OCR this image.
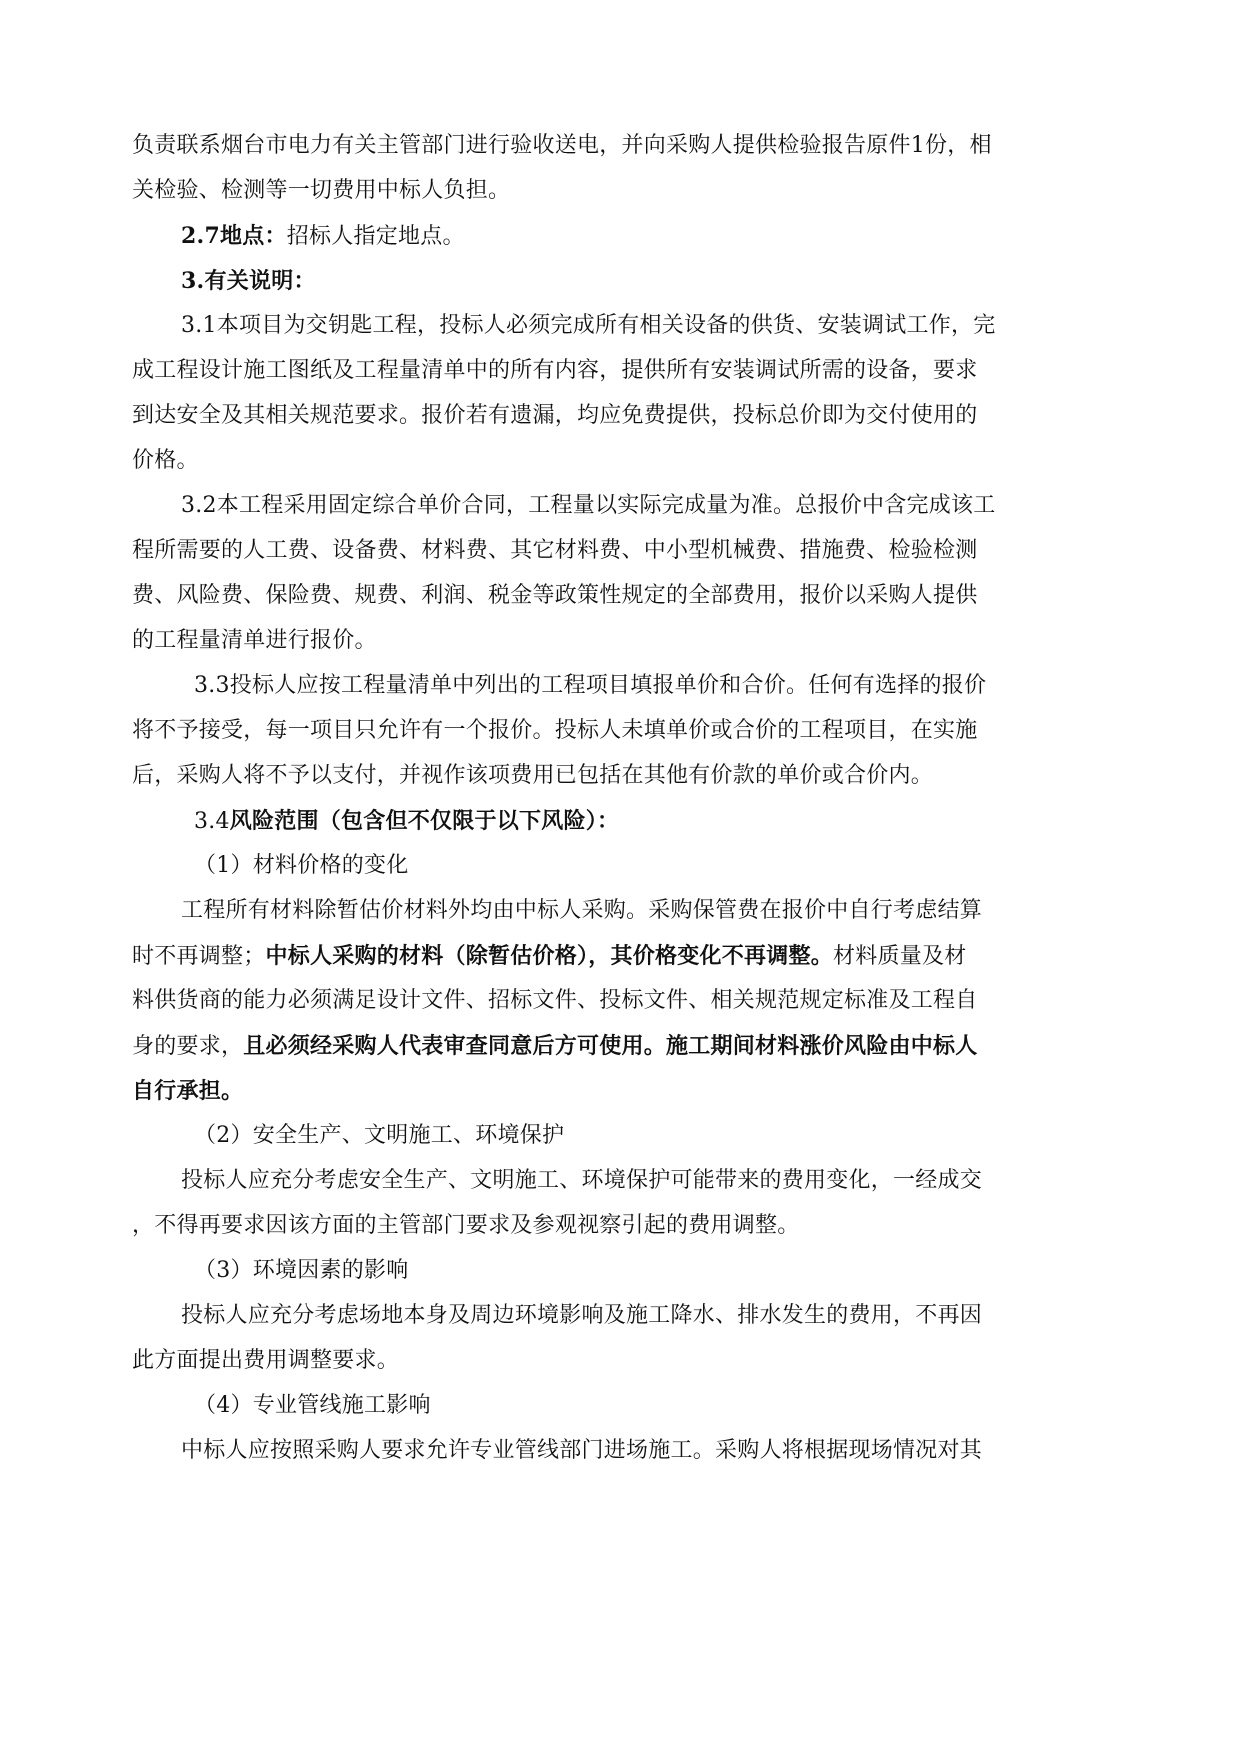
负责联系烟台市电力有关主管部门进行验收送电，并向采购人提供检验报告原件1份，相
关检验、检测等一切费用中标人负担。
2.7地点：招标人指定地点。
3.有关说明：
3.1本项目为交钥匙工程，投标人必须完成所有相关设备的供货、安装调试工作，完
成工程设计施工图纸及工程量清单中的所有内容，提供所有安装调试所需的设备，要求
到达安全及其相关规范要求。报价若有遗漏，均应免费提供，投标总价即为交付使用的
价格。
3.2本工程采用固定综合单价合同，工程量以实际完成量为准。总报价中含完成该工
程所需要的人工费、设备费、材料费、其它材料费、中小型机械费、措施费、检验检测
费、风险费、保险费、规费、利润、税金等政策性规定的全部费用，报价以采购人提供
的工程量清单进行报价。
3.3投标人应按工程量清单中列出的工程项目填报单价和合价。任何有选择的报价
将不予接受，每一项目只允许有一个报价。投标人未填单价或合价的工程项目，在实施
后，采购人将不予以支付，并视作该项费用已包括在其他有价款的单价或合价内。
3.4风险范围（包含但不仅限于以下风险）：
（1）材料价格的变化
工程所有材料除暂估价材料外均由中标人采购。采购保管费在报价中自行考虑结算
时不再调整；中标人采购的材料（除暂估价格），其价格变化不再调整。材料质量及材
料供货商的能力必须满足设计文件、招标文件、投标文件、相关规范规定标准及工程自
身的要求，且必须经采购人代表审查同意后方可使用。施工期间材料涨价风险由中标人
自行承担。
（2）安全生产、文明施工、环境保护
投标人应充分考虑安全生产、文明施工、环境保护可能带来的费用变化，一经成交
，不得再要求因该方面的主管部门要求及参观视察引起的费用调整。
（3）环境因素的影响
投标人应充分考虑场地本身及周边环境影响及施工降水、排水发生的费用，不再因
此方面提出费用调整要求。
（4）专业管线施工影响
中标人应按照采购人要求允许专业管线部门进场施工。采购人将根据现场情况对其
